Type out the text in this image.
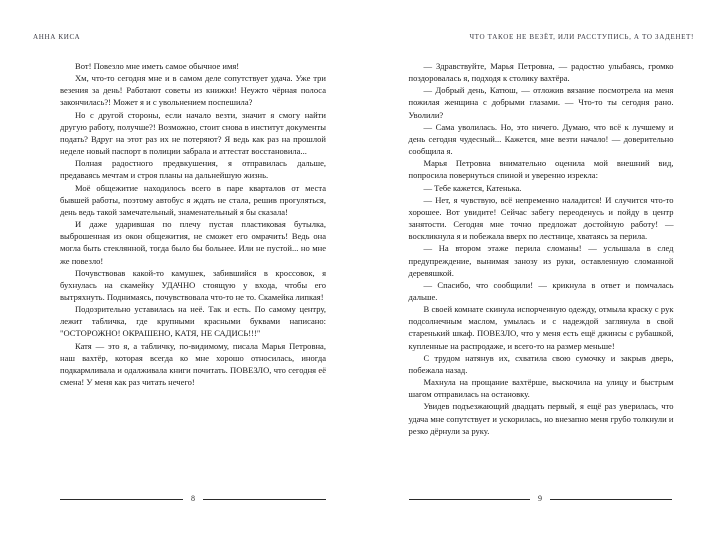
АННА КИСА

Вот! Повезло мне иметь самое обычное имя!

Хм, что-то сегодня мне и в самом деле сопутствует удача. Уже три везения за день! Работают советы из книжки! Неужто чёрная полоса закончилась?! Может я и с увольнением поспешила?

Но с другой стороны, если начало везти, значит я смогу найти другую работу, получше?! Возможно, стоит снова в институт документы подать? Вдруг на этот раз их не потеряют? Я ведь как раз на прошлой неделе новый паспорт в полиции забрала и аттестат восстановила...

Полная радостного предвкушения, я отправилась дальше, предаваясь мечтам и строя планы на дальнейшую жизнь.

Моё общежитие находилось всего в паре кварталов от места бывшей работы, поэтому автобус я ждать не стала, решив прогуляться, день ведь такой замечательный, знаменательный я бы сказала!

И даже ударившая по плечу пустая пластиковая бутылка, выброшенная из окон общежития, не сможет его омрачить! Ведь она могла быть стеклянной, тогда было бы больнее. Или не пустой... но мне же повезло!

Почувствовав какой-то камушек, забившийся в кроссовок, я бухнулась на скамейку УДАЧНО стоящую у входа, чтобы его вытряхнуть. Поднимаясь, почувствовала что-то не то. Скамейка липкая!

Подозрительно уставилась на неё. Так и есть. По самому центру, лежит табличка, где крупными красными буквами написано: "ОСТОРОЖНО! ОКРАШЕНО, КАТЯ, НЕ САДИСЬ!!!"

Катя — это я, а табличку, по-видимому, писала Марья Петровна, наш вахтёр, которая всегда ко мне хорошо относилась, иногда подкармливала и одалживала книги почитать. ПОВЕЗЛО, что сегодня её смена! У меня как раз читать нечего!

8
ЧТО ТАКОЕ НЕ ВЕЗЁТ, ИЛИ РАССТУПИСЬ, А ТО ЗАДЕНЕТ!

— Здравствуйте, Марья Петровна, — радостно улыбаясь, громко поздоровалась я, подходя к столику вахтёра.

— Добрый день, Катюш, — отложив вязание посмотрела на меня пожилая женщина с добрыми глазами. — Что-то ты сегодня рано. Уволили?

— Сама уволилась. Но, это ничего. Думаю, что всё к лучшему и день сегодня чудесный... Кажется, мне везти начало! — доверительно сообщила я.

Марья Петровна внимательно оценила мой внешний вид, попросила повернуться спиной и уверенно изрекла:

— Тебе кажется, Катенька.

— Нет, я чувствую, всё непременно наладится! И случится что-то хорошее. Вот увидите! Сейчас забегу переоденусь и пойду в центр занятости. Сегодня мне точно предложат достойную работу! — воскликнула я и побежала вверх по лестнице, хватаясь за перила.

— На втором этаже перила сломаны! — услышала в след предупреждение, вынимая занозу из руки, оставленную сломанной деревяшкой.

— Спасибо, что сообщили! — крикнула в ответ и помчалась дальше.

В своей комнате скинула испорченную одежду, отмыла краску с рук подсолнечным маслом, умылась и с надеждой заглянула в свой старенький шкаф. ПОВЕЗЛО, что у меня есть ещё джинсы с рубашкой, купленные на распродаже, и всего-то на размер меньше!

С трудом натянув их, схватила свою сумочку и закрыв дверь, побежала назад.

Махнула на прощание вахтёрше, выскочила на улицу и быстрым шагом отправилась на остановку.

Увидев подъезжающий двадцать первый, я ещё раз уверилась, что удача мне сопутствует и ускорилась, но внезапно меня грубо толкнули и резко дёрнули за руку.

9
